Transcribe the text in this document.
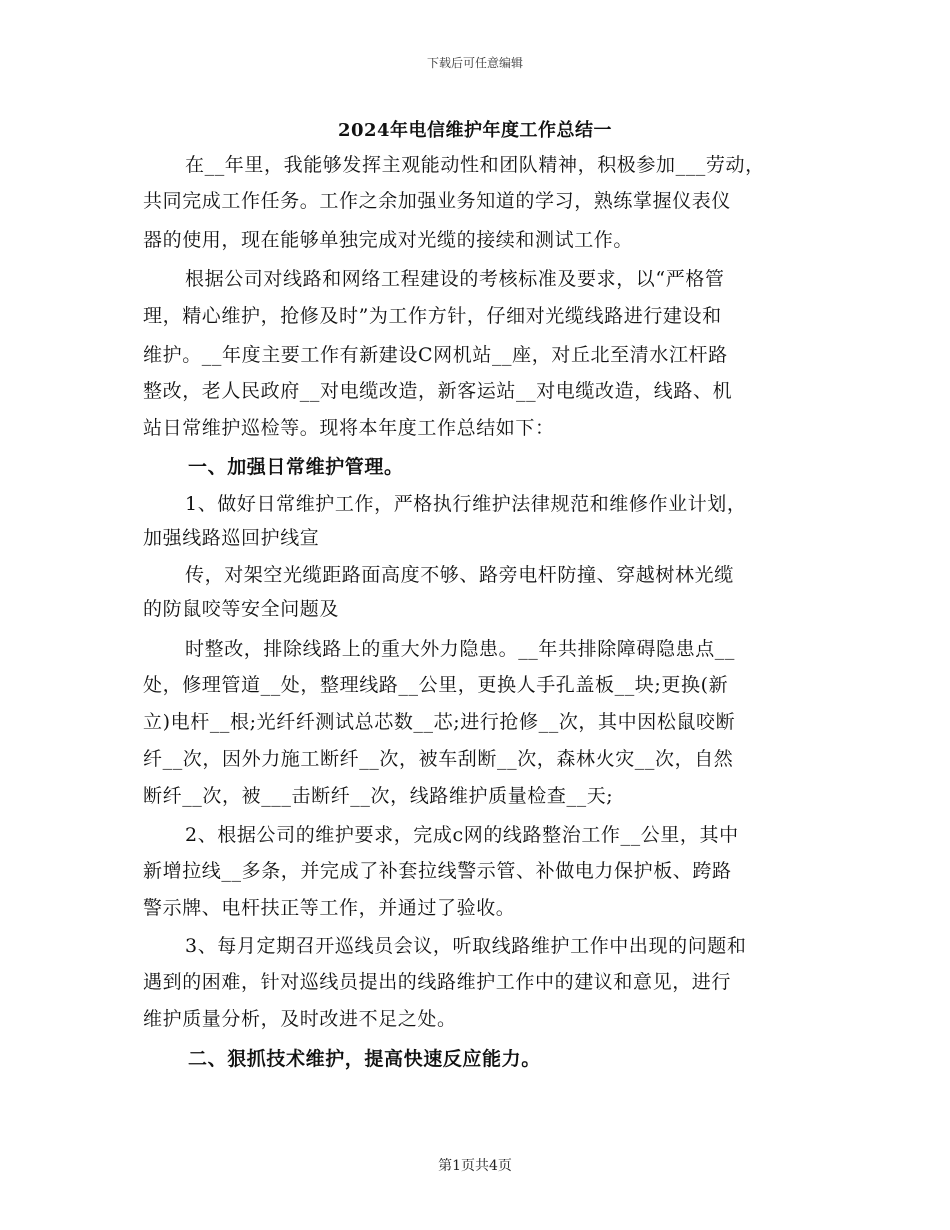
下载后可任意编辑
2024年电信维护年度工作总结一
在__年里，我能够发挥主观能动性和团队精神，积极参加___劳动，
共同完成工作任务。工作之余加强业务知道的学习，熟练掌握仪表仪
器的使用，现在能够单独完成对光缆的接续和测试工作。
根据公司对线路和网络工程建设的考核标准及要求，以“严格管
理，精心维护，抢修及时”为工作方针，仔细对光缆线路进行建设和
维护。__年度主要工作有新建设C网机站__座，对丘北至清水江杆路
整改，老人民政府__对电缆改造，新客运站__对电缆改造，线路、机
站日常维护巡检等。现将本年度工作总结如下：
一、加强日常维护管理。
1、做好日常维护工作，严格执行维护法律规范和维修作业计划，
加强线路巡回护线宣
传，对架空光缆距路面高度不够、路旁电杆防撞、穿越树林光缆
的防鼠咬等安全问题及
时整改，排除线路上的重大外力隐患。__年共排除障碍隐患点__
处，修理管道__处，整理线路__公里，更换人手孔盖板__块;更换(新
立)电杆__根;光纤纤测试总芯数__芯;进行抢修__次，其中因松鼠咬断
纤__次，因外力施工断纤__次，被车刮断__次，森林火灾__次，自然
断纤__次，被___击断纤__次，线路维护质量检查__天;
2、根据公司的维护要求，完成c网的线路整治工作__公里，其中
新增拉线__多条，并完成了补套拉线警示管、补做电力保护板、跨路
警示牌、电杆扶正等工作，并通过了验收。
3、每月定期召开巡线员会议，听取线路维护工作中出现的问题和
遇到的困难，针对巡线员提出的线路维护工作中的建议和意见，进行
维护质量分析，及时改进不足之处。
二、狠抓技术维护，提高快速反应能力。
第1页共4页
